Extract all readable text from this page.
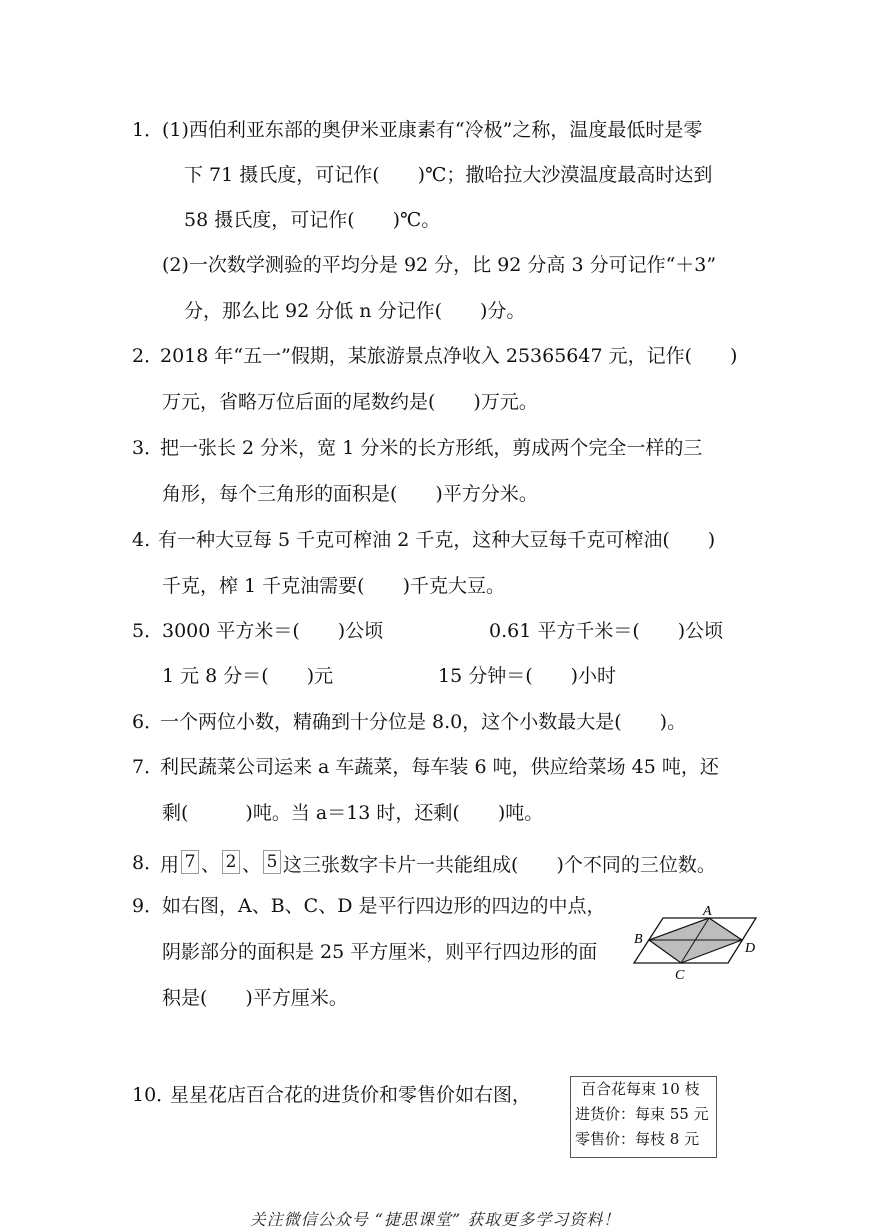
1．
(1)西伯利亚东部的奥伊米亚康素有“冷极”之称，温度最低时是零
下 71 摄氏度，可记作(　　)℃；撒哈拉大沙漠温度最高时达到
58 摄氏度，可记作(　　)℃。
(2)一次数学测验的平均分是 92 分，比 92 分高 3 分可记作“＋3”
分，那么比 92 分低 n 分记作(　　)分。
2．
2018 年“五一”假期，某旅游景点净收入 25365647 元，记作(　　)
万元，省略万位后面的尾数约是(　　)万元。
3．
把一张长 2 分米，宽 1 分米的长方形纸，剪成两个完全一样的三
角形，每个三角形的面积是(　　)平方分米。
4. 有一种大豆每 5 千克可榨油 2 千克，这种大豆每千克可榨油(　　)
千克，榨 1 千克油需要(　　)千克大豆。
5．
3000 平方米＝(　　)公顷	0.61 平方千米＝(　　)公顷
1 元 8 分＝(　　)元	15 分钟＝(　　)小时
6．
一个两位小数，精确到十分位是 8.0，这个小数最大是(　　)。
7．
利民蔬菜公司运来 a 车蔬菜，每车装 6 吨，供应给菜场 45 吨，还
剩(　　　)吨。当 a＝13 时，还剩(　　)吨。
8．
用 7 、 2 、 5 这三张数字卡片一共能组成(　　)个不同的三位数。
9．
如右图，A、B、C、D 是平行四边形的四边的中点，
阴影部分的面积是 25 平方厘米，则平行四边形的面
积是(　　)平方厘米。
A
B
C
D
10．
星星花店百合花的进货价和零售价如右图，	百合花每束 10 枝
进货价：每束 55 元
零售价：每枝 8 元
关注微信公众号 “捷思课堂” 获取更多学习资料！
